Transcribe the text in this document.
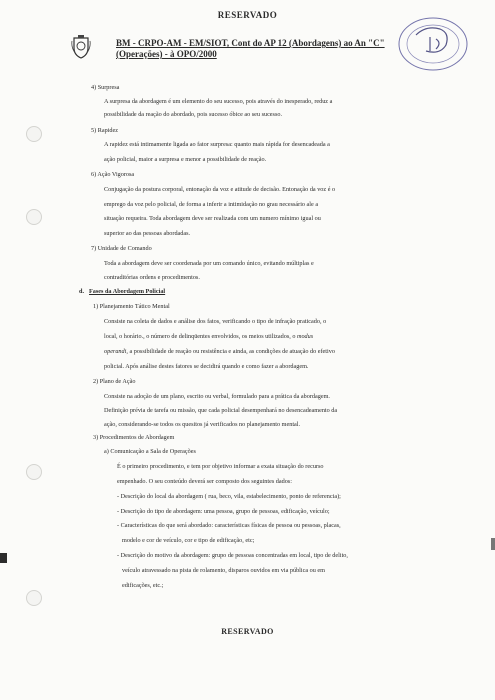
RESERVADO
BM - CRPO-AM - EM/SIOT, Cont do AP 12 (Abordagens) ao An "C"
(Operações) - à OPO/2000
4) Surpresa
A surpresa da abordagem é um elemento do seu sucesso, pois através do inesperado, reduz a
possibilidade da reação do abordado, pois sucesso óbice ao seu sucesso.
5) Rapidez
A rapidez está intimamente ligada ao fator surpresa: quanto mais rápida for desencadeada a
ação policial, maior a surpresa e menor a possibilidade de reação.
6) Ação Vigorosa
Conjugação da postura corporal, entonação da voz e atitude de decisão. Entonação da voz é o
emprego da voz pelo policial, de forma a inferir a intimidação no grau necessário ale a
situação requeira. Toda abordagem deve ser realizada com um numero mínimo igual ou
superior ao das pessoas abordadas.
7) Unidade de Comando
Toda a abordagem deve ser coordenada por um comando único, evitando múltiplas e
contraditórias ordens e procedimentos.
d. Fases da Abordagem Policial
1) Planejamento Tático Mental
Consiste na coleta de dados e análise dos fatos, verificando o tipo de infração praticado, o
local, o horário., o número de delinqüentes envolvidos, os meios utilizados, o modus
operandi, a possibilidade de reação ou resistência e ainda, as condições de atuação do efetivo
policial. Após análise destes fatores se decidirá quando e como fazer a abordagem.
2) Plano de Ação
Consiste na adoção de um plano, escrito ou verbal, formulado para a prática da abordagem.
Definição prévia de tarefa ou missão, que cada policial desempenhará no desencadeamento da
ação, considerando-se todos os quesitos já verificados no planejamento mental.
3) Procedimentos de Abordagem
a) Comunicação a Sala de Operações
É o primeiro procedimento, e tem por objetivo informar a exata situação do recurso
empenhado. O seu conteúdo deverá ser composto dos seguintes dados:
- Descrição do local da abordagem ( rua, beco, vila, estabelecimento, ponto de referencia);
- Descrição do tipo de abordagem: uma pessoa, grupo de pessoas, edificação, veículo;
- Características do que será abordado: características físicas de pessoa ou pessoas, placas,
modelo e cor de veículo, cor e tipo de edificação, etc;
- Descrição do motivo da abordagem: grupo de pessoas concentradas em local, tipo de delito,
veículo atravessado na pista de rolamento, disparos ouvidos em via pública ou em
edificações, etc.;
RESERVADO
